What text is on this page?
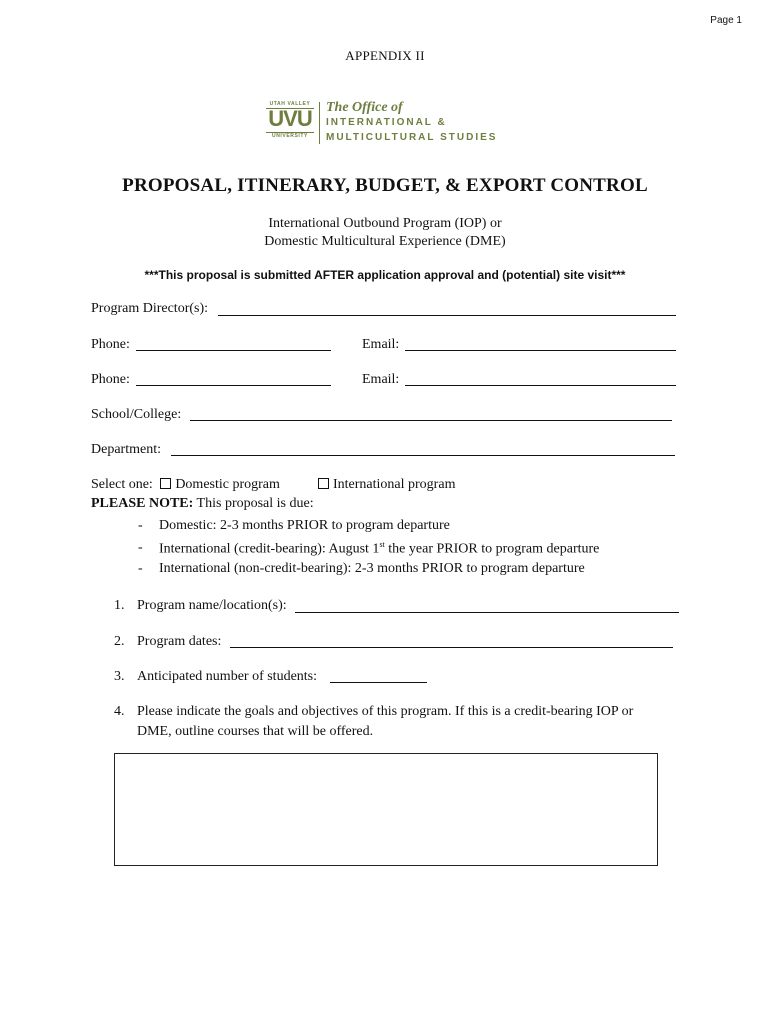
Page 1
APPENDIX II
UTAH VALLEY
UVU
UNIVERSITY
The Office of
INTERNATIONAL &
MULTICULTURAL STUDIES
PROPOSAL, ITINERARY, BUDGET, & EXPORT CONTROL
International Outbound Program (IOP) or
Domestic Multicultural Experience (DME)
***This proposal is submitted AFTER application approval and (potential) site visit***
Program Director(s):
Phone:	Email:
Phone:	Email:
School/College:
Department:
Select one: Domestic program	International program
PLEASE NOTE: This proposal is due:
- Domestic: 2-3 months PRIOR to program departure
- International (credit-bearing): August 1st the year PRIOR to program departure
- International (non-credit-bearing): 2-3 months PRIOR to program departure
1. Program name/location(s):
2. Program dates:
3. Anticipated number of students:
4. Please indicate the goals and objectives of this program. If this is a credit-bearing IOP or
DME, outline courses that will be offered.
